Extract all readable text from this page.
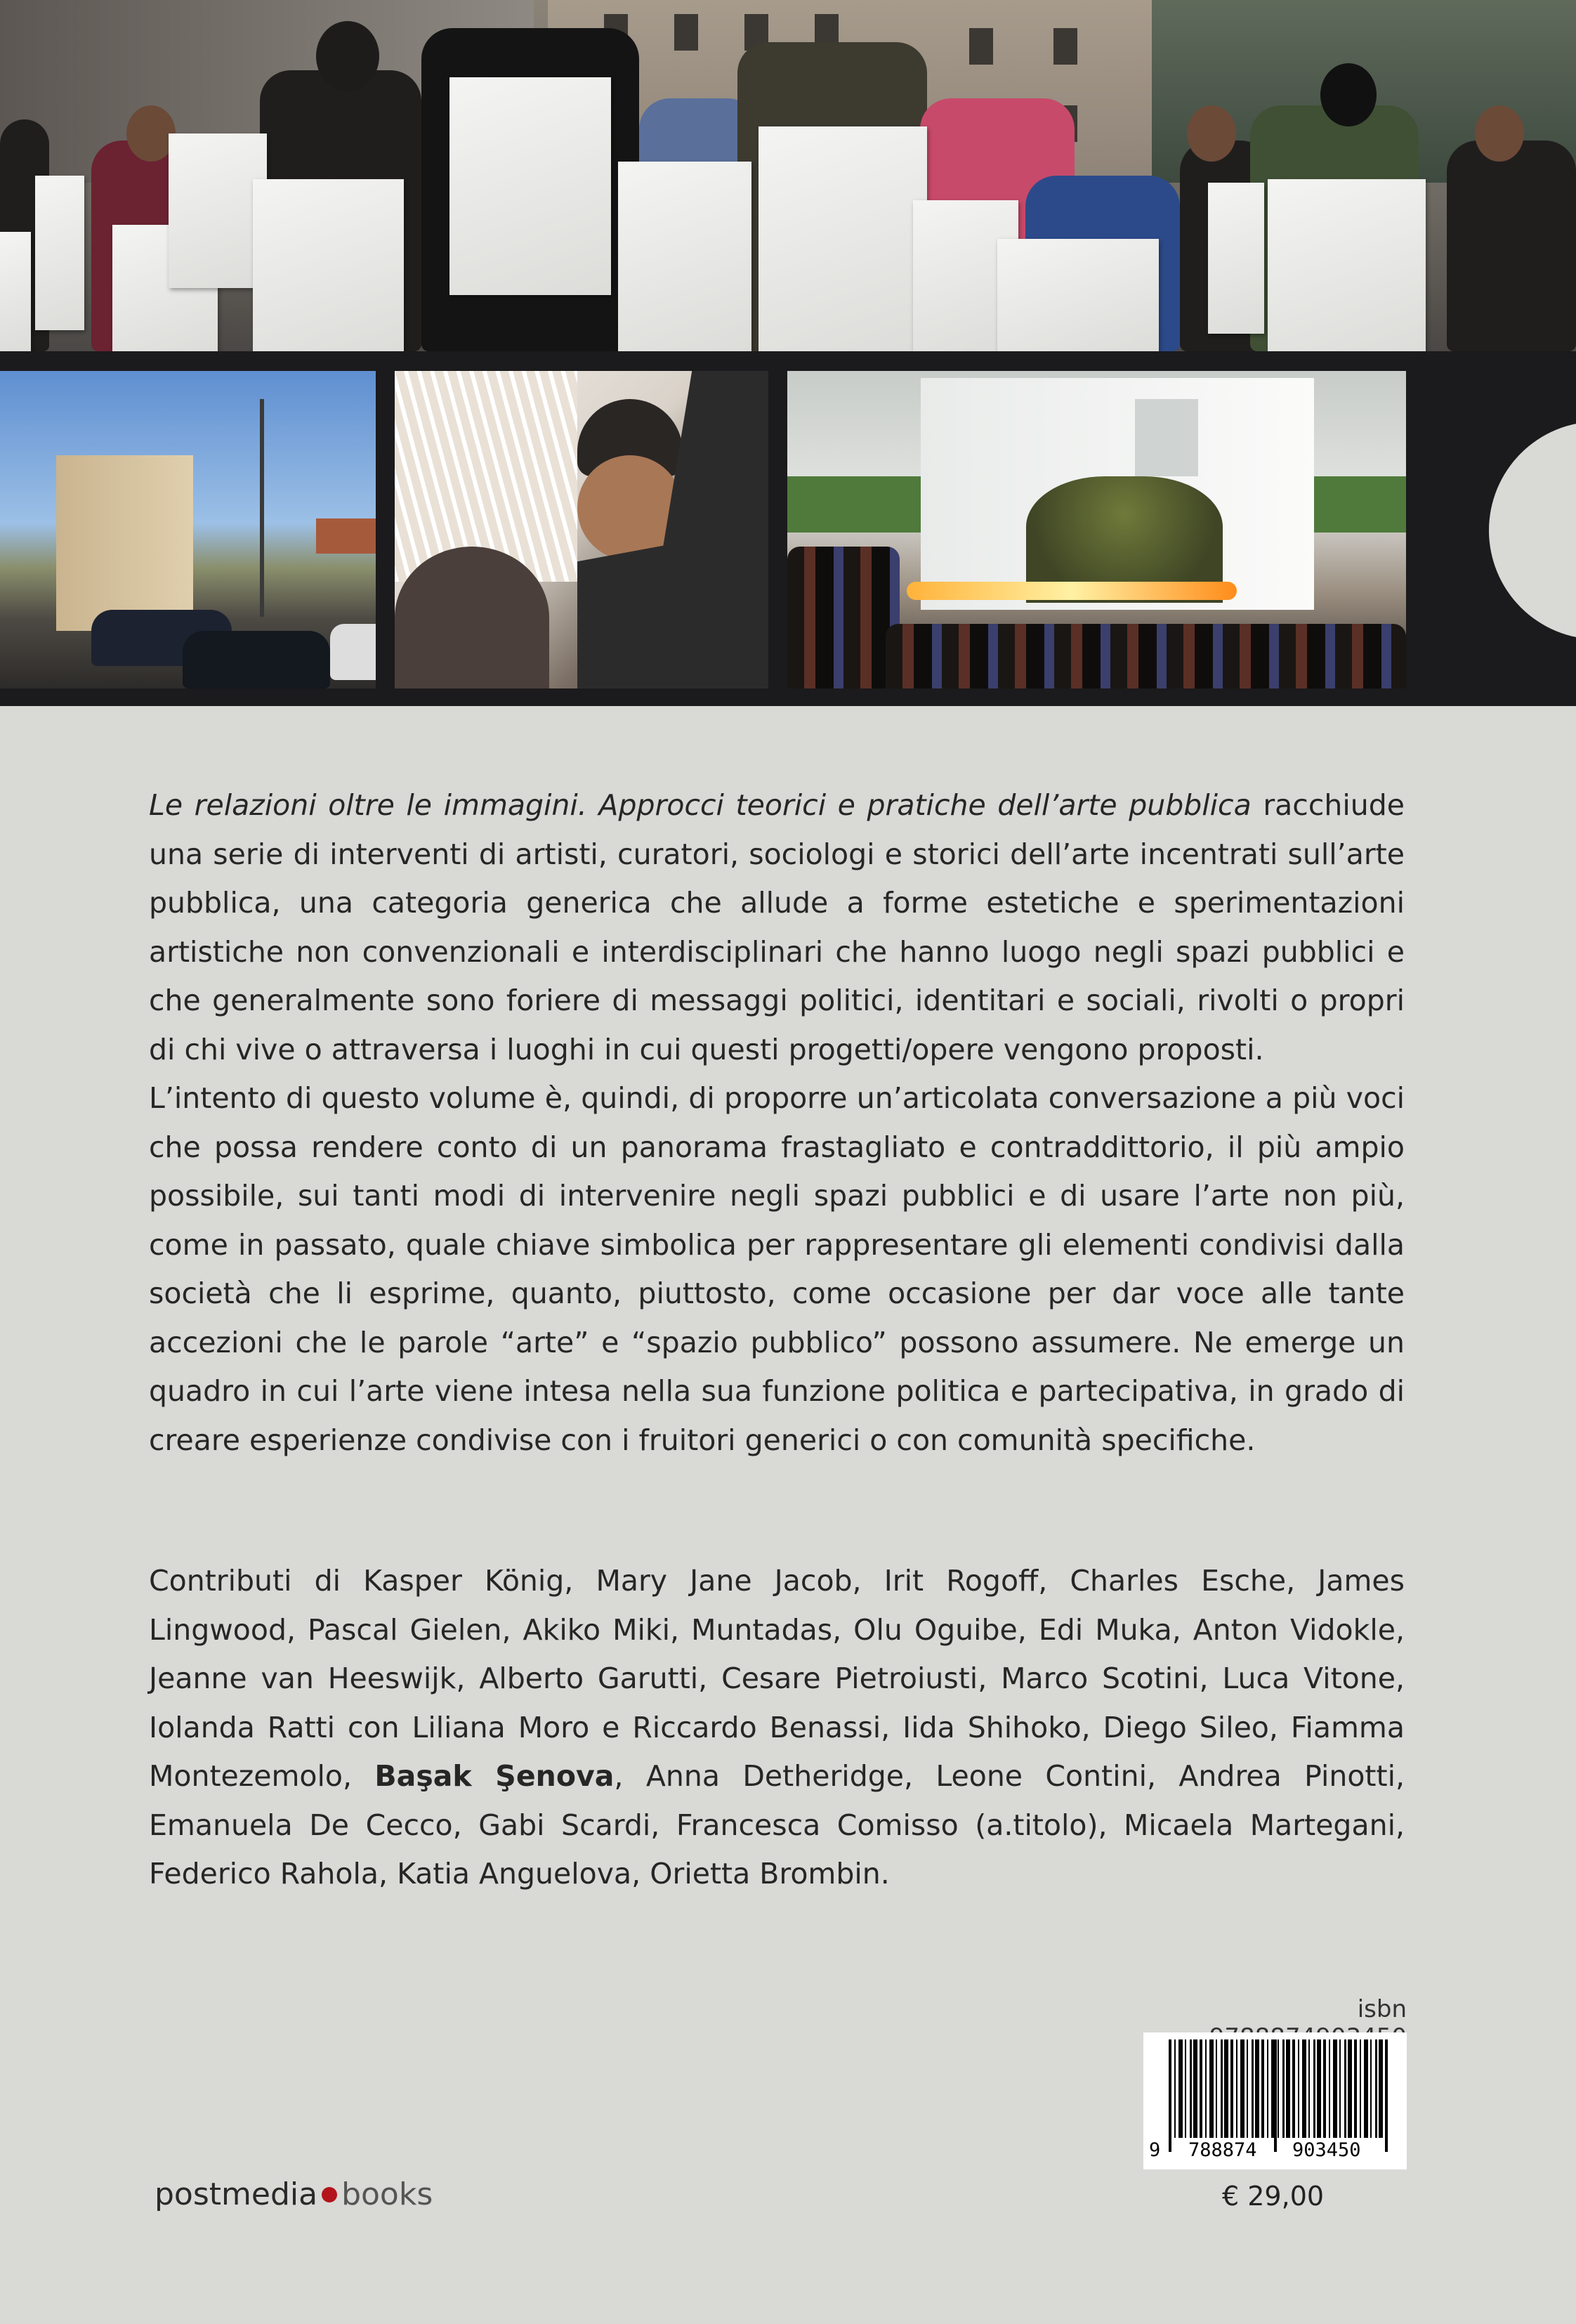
Le relazioni oltre le immagini. Approcci teorici e pratiche dell’arte pubblica racchiude una serie di interventi di artisti, curatori, sociologi e storici dell’arte incentrati sull’arte pubblica, una categoria generica che allude a forme estetiche e sperimentazioni artistiche non convenzionali e interdisciplinari che hanno luogo negli spazi pubblici e che generalmente sono foriere di messaggi politici, identitari e sociali, rivolti o propri di chi vive o attraversa i luoghi in cui questi progetti/opere vengono proposti.

L’intento di questo volume è, quindi, di proporre un’articolata conversazione a più voci che possa rendere conto di un panorama frastagliato e contraddittorio, il più ampio possibile, sui tanti modi di intervenire negli spazi pubblici e di usare l’arte non più, come in passato, quale chiave simbolica per rappresentare gli elementi condivisi dalla società che li esprime, quanto, piuttosto, come occasione per dar voce alle tante accezioni che le parole “arte” e “spazio pubblico” possono assumere. Ne emerge un quadro in cui l’arte viene intesa nella sua funzione politica e partecipativa, in grado di creare esperienze condivise con i fruitori generici o con comunità specifiche.

Contributi di Kasper König, Mary Jane Jacob, Irit Rogoff, Charles Esche, James Lingwood, Pascal Gielen, Akiko Miki, Muntadas, Olu Oguibe, Edi Muka, Anton Vidokle, Jeanne van Heeswijk, Alberto Garutti, Cesare Pietroiusti, Marco Scotini, Luca Vitone, Iolanda Ratti con Liliana Moro e Riccardo Benassi, Iida Shihoko, Diego Sileo, Fiamma Montezemolo, Başak Şenova, Anna Detheridge, Leone Contini, Andrea Pinotti, Emanuela De Cecco, Gabi Scardi, Francesca Comisso (a.titolo), Micaela Martegani, Federico Rahola, Katia Anguelova, Orietta Brombin.
isbn
9 788874 903450
€ 29,00
postmedia books
